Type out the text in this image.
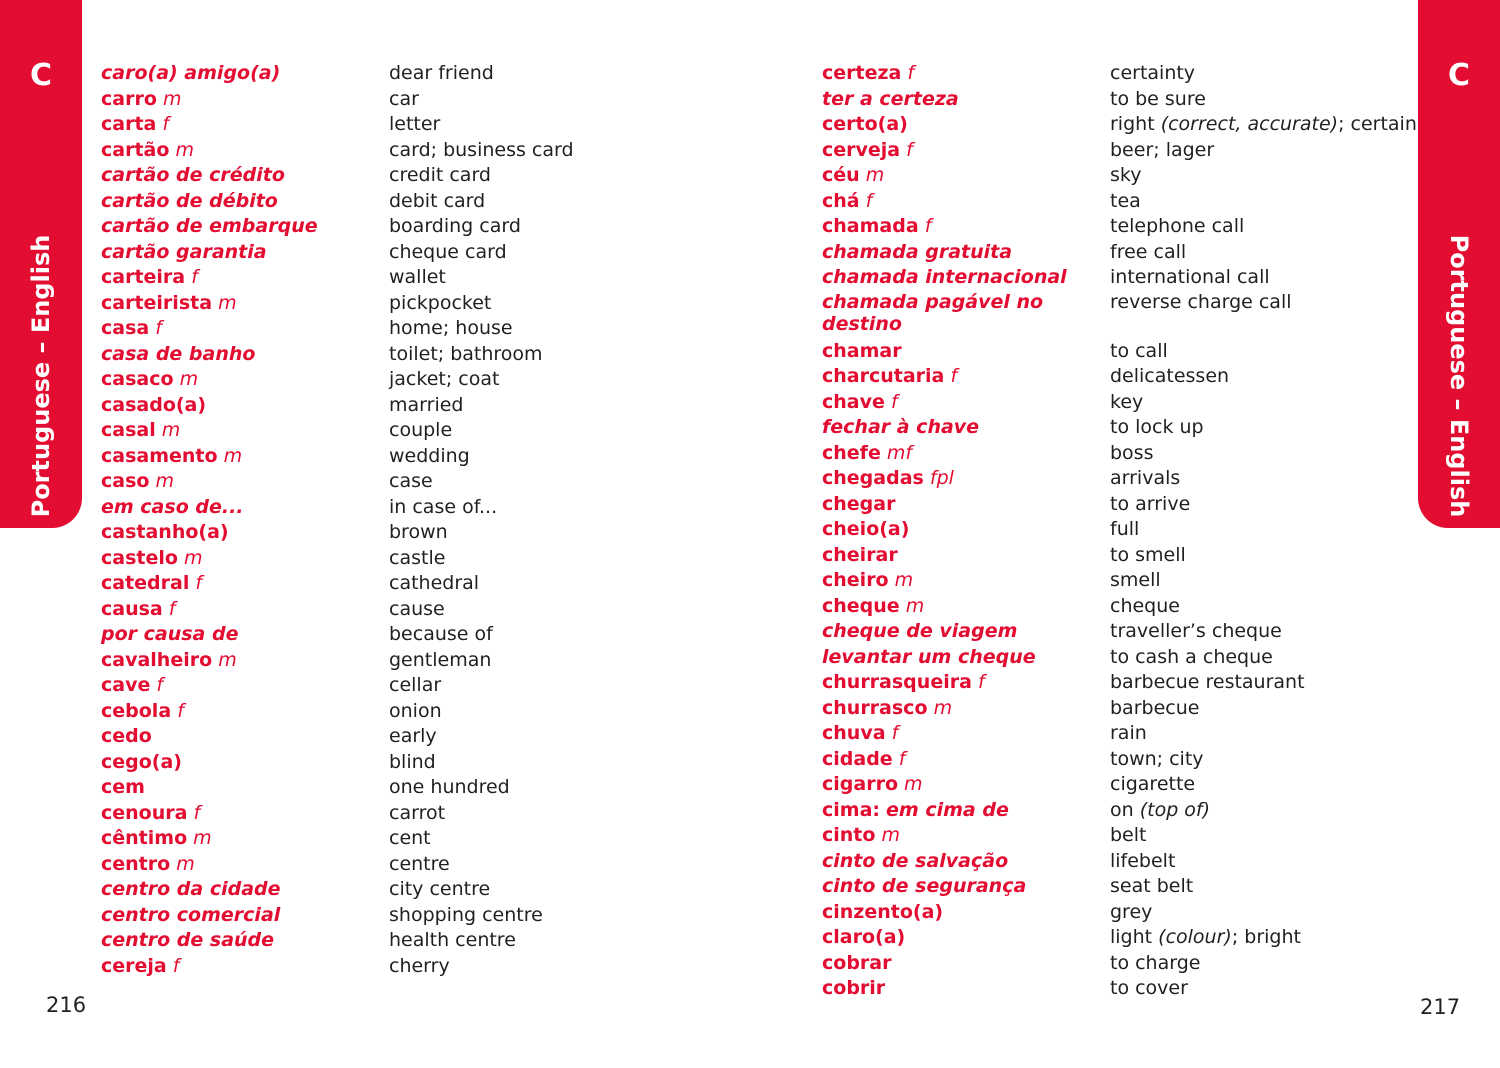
C
Portuguese – English
C
Portuguese – English
caro(a) amigo(a)
carro m
carta f
cartão m
cartão de crédito
cartão de débito
cartão de embarque
cartão garantia
carteira f
carteirista m
casa f
casa de banho
casaco m
casado(a)
casal m
casamento m
caso m
em caso de...
castanho(a)
castelo m
catedral f
causa f
por causa de
cavalheiro m
cave f
cebola f
cedo
cego(a)
cem
cenoura f
cêntimo m
centro m
centro da cidade
centro comercial
centro de saúde
cereja f
dear friend
car
letter
card; business card
credit card
debit card
boarding card
cheque card
wallet
pickpocket
home; house
toilet; bathroom
jacket; coat
married
couple
wedding
case
in case of...
brown
castle
cathedral
cause
because of
gentleman
cellar
onion
early
blind
one hundred
carrot
cent
centre
city centre
shopping centre
health centre
cherry
certeza f
ter a certeza
certo(a)
cerveja f
céu m
chá f
chamada f
chamada gratuita
chamada internacional
chamada pagável no
destino
chamar
charcutaria f
chave f
fechar à chave
chefe mf
chegadas fpl
chegar
cheio(a)
cheirar
cheiro m
cheque m
cheque de viagem
levantar um cheque
churrasqueira f
churrasco m
chuva f
cidade f
cigarro m
cima: em cima de
cinto m
cinto de salvação
cinto de segurança
cinzento(a)
claro(a)
cobrar
cobrir
certainty
to be sure
right (correct, accurate); certain
beer; lager
sky
tea
telephone call
free call
international call
reverse charge call
to call
delicatessen
key
to lock up
boss
arrivals
to arrive
full
to smell
smell
cheque
traveller’s cheque
to cash a cheque
barbecue restaurant
barbecue
rain
town; city
cigarette
on (top of)
belt
lifebelt
seat belt
grey
light (colour); bright
to charge
to cover
216	217
